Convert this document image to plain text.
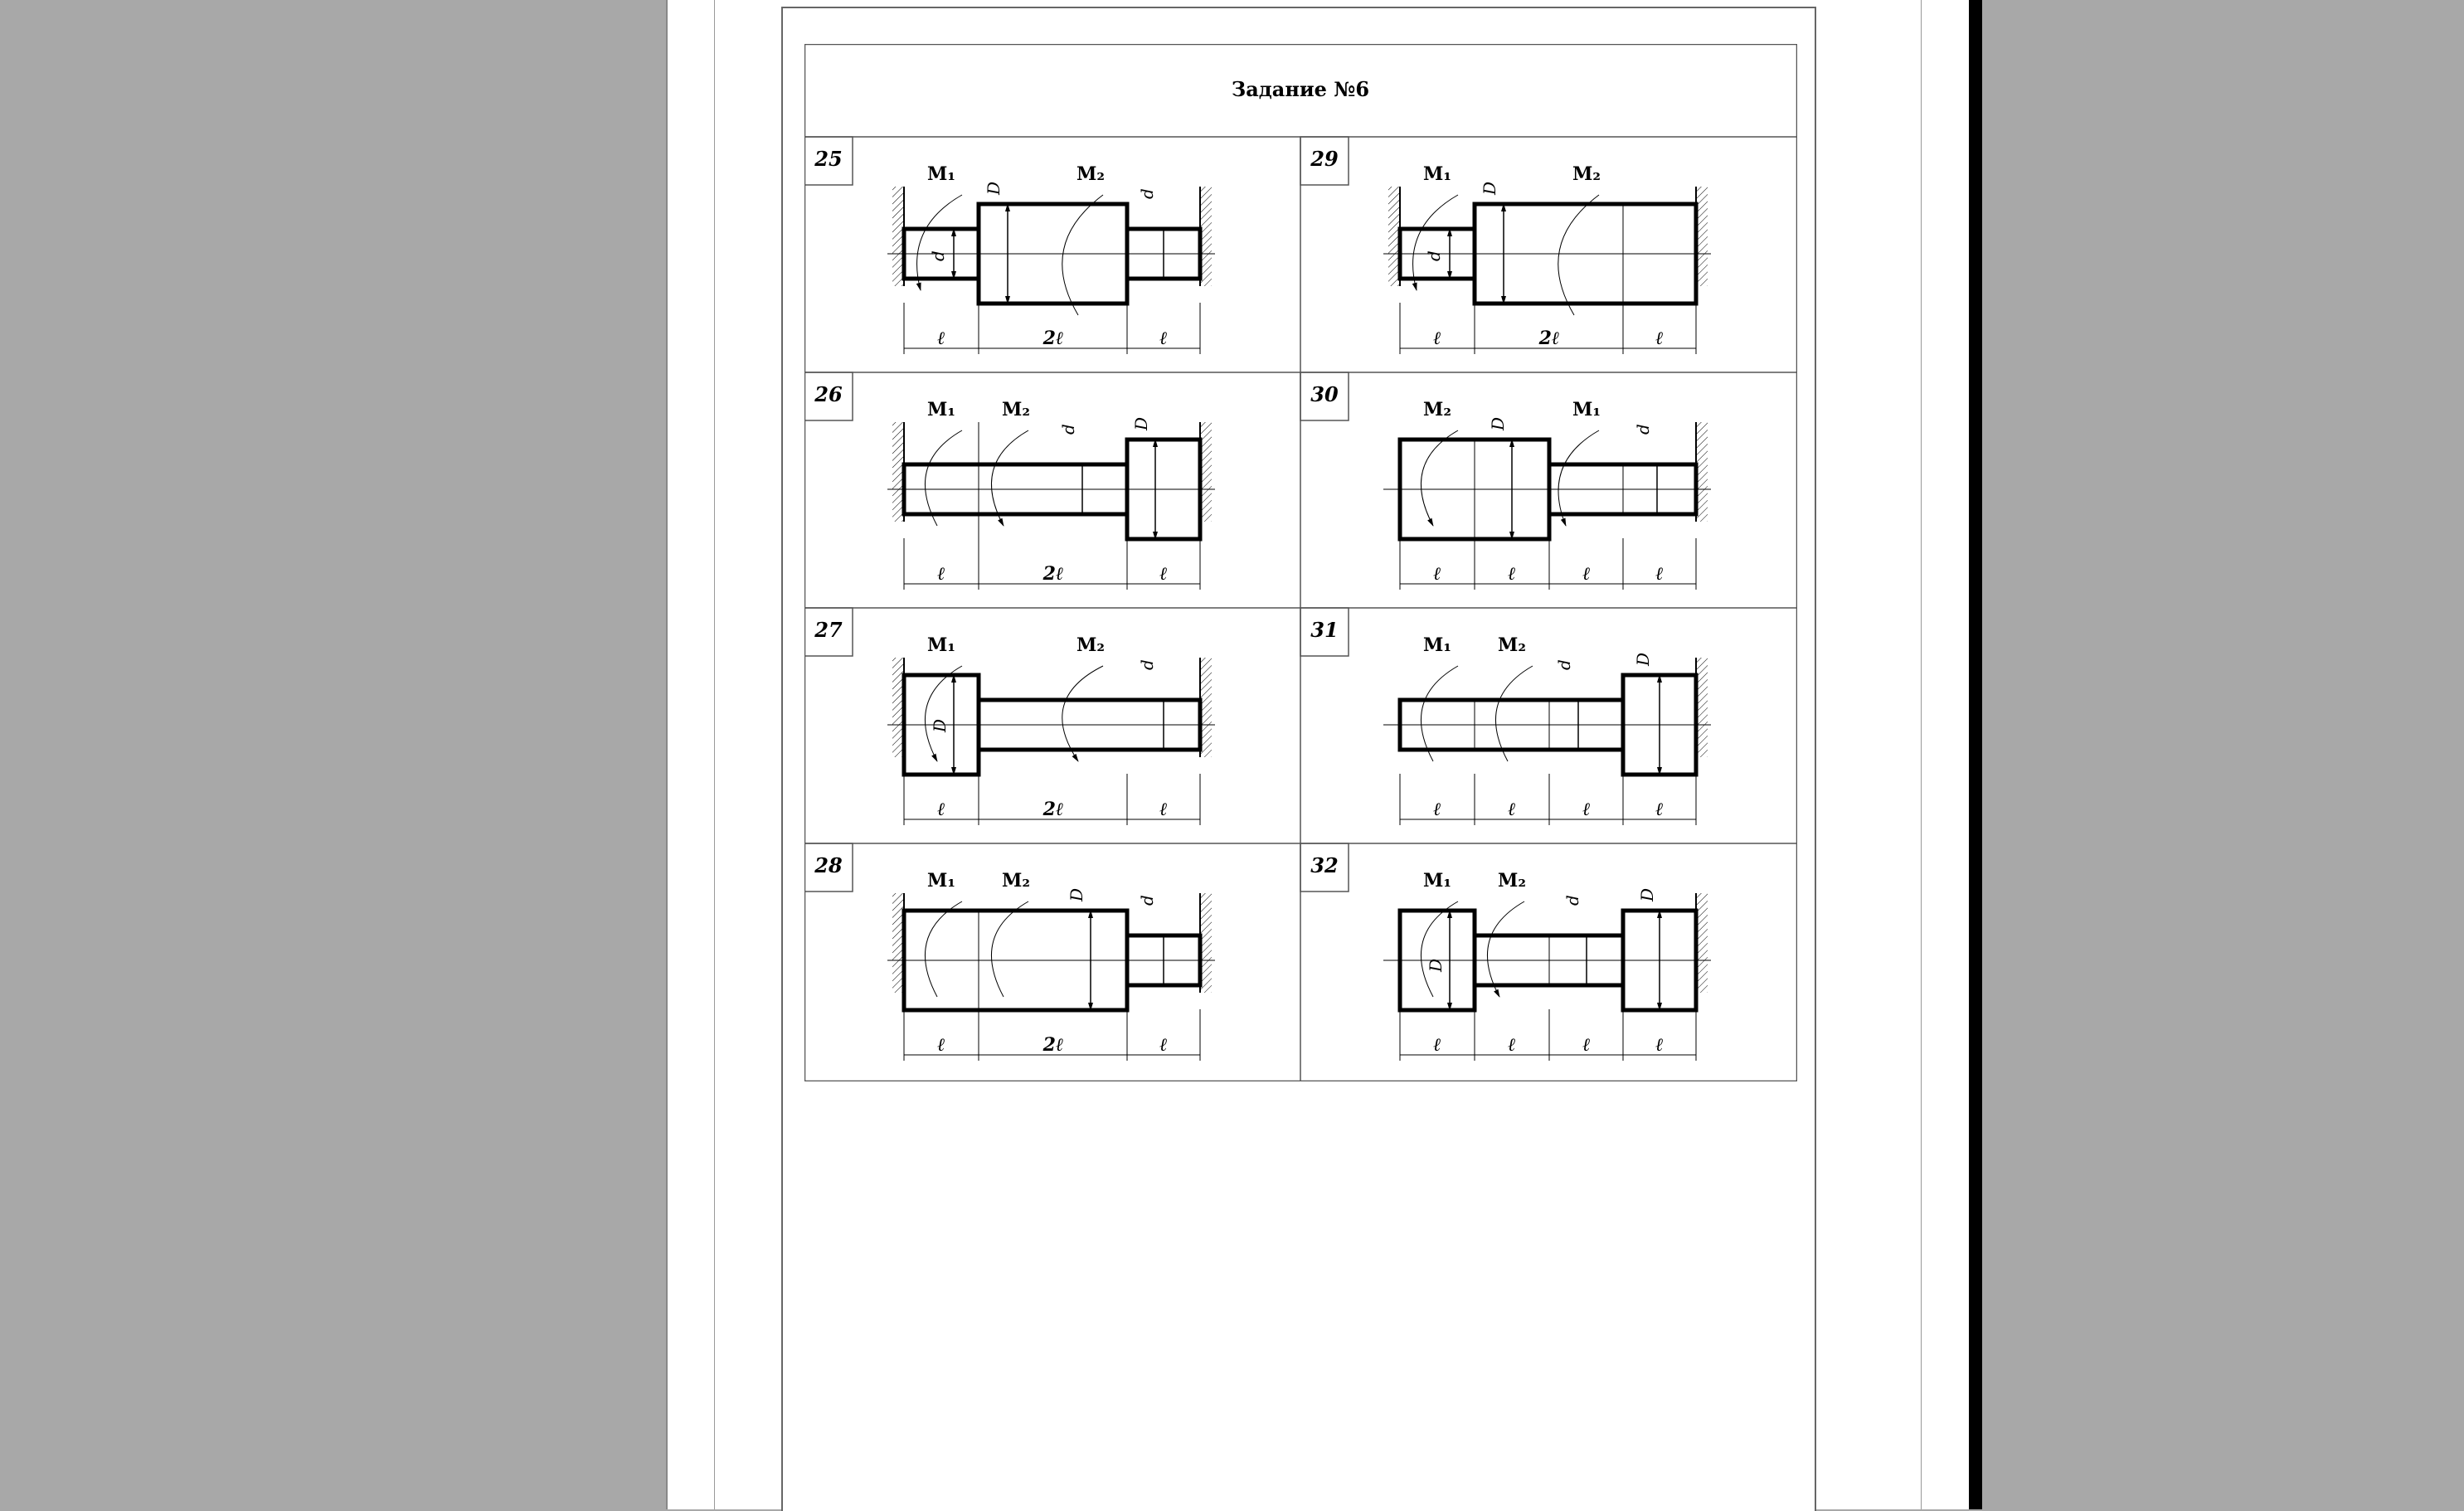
Задание №6
25
M₁	M₂
d
D	d
ℓ	2ℓ	ℓ
29
M₁	M₂
d
D
ℓ	2ℓ	ℓ
26
M₁	M₂
d	D
ℓ	2ℓ	ℓ
30
M₂	M₁
D	d
ℓ	ℓ	ℓ	ℓ
27
M₁	M₂
D
d
ℓ	2ℓ	ℓ
31
M₁	M₂
d	D
ℓ	ℓ	ℓ	ℓ
28
M₁	M₂
D	d
ℓ	2ℓ	ℓ
32
M₁	M₂
D
d	D
ℓ	ℓ	ℓ	ℓ
